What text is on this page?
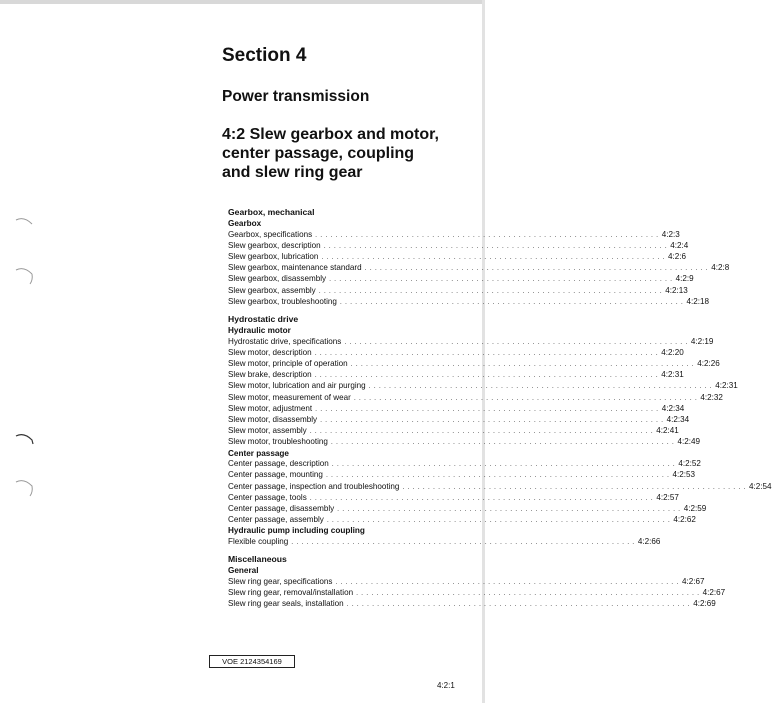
Section 4
Power transmission
4:2 Slew gearbox and motor,
center passage, coupling
and slew ring gear
Gearbox, mechanical
Gearbox
Gearbox, specifications . . . . . . . . . . . . . . . . . . . . . . . . . . . . . . . . . . . . . . . . . . . . . . . . . . . . . . . . . . . . . . . . . . . . 4:2:3
Slew gearbox, description . . . . . . . . . . . . . . . . . . . . . . . . . . . . . . . . . . . . . . . . . . . . . . . . . . . . . . . . . . . . . . . . . . . . 4:2:4
Slew gearbox, lubrication . . . . . . . . . . . . . . . . . . . . . . . . . . . . . . . . . . . . . . . . . . . . . . . . . . . . . . . . . . . . . . . . . . . . 4:2:6
Slew gearbox, maintenance standard . . . . . . . . . . . . . . . . . . . . . . . . . . . . . . . . . . . . . . . . . . . . . . . . . . . . . . . . . . . . . . . . . . . . 4:2:8
Slew gearbox, disassembly . . . . . . . . . . . . . . . . . . . . . . . . . . . . . . . . . . . . . . . . . . . . . . . . . . . . . . . . . . . . . . . . . . . . 4:2:9
Slew gearbox, assembly . . . . . . . . . . . . . . . . . . . . . . . . . . . . . . . . . . . . . . . . . . . . . . . . . . . . . . . . . . . . . . . . . . . . 4:2:13
Slew gearbox, troubleshooting . . . . . . . . . . . . . . . . . . . . . . . . . . . . . . . . . . . . . . . . . . . . . . . . . . . . . . . . . . . . . . . . . . . . 4:2:18
Hydrostatic drive
Hydraulic motor
Hydrostatic drive, specifications . . . . . . . . . . . . . . . . . . . . . . . . . . . . . . . . . . . . . . . . . . . . . . . . . . . . . . . . . . . . . . . . . . . . 4:2:19
Slew motor, description . . . . . . . . . . . . . . . . . . . . . . . . . . . . . . . . . . . . . . . . . . . . . . . . . . . . . . . . . . . . . . . . . . . . 4:2:20
Slew motor, principle of operation . . . . . . . . . . . . . . . . . . . . . . . . . . . . . . . . . . . . . . . . . . . . . . . . . . . . . . . . . . . . . . . . . . . . 4:2:26
Slew brake, description . . . . . . . . . . . . . . . . . . . . . . . . . . . . . . . . . . . . . . . . . . . . . . . . . . . . . . . . . . . . . . . . . . . . 4:2:31
Slew motor, lubrication and air purging . . . . . . . . . . . . . . . . . . . . . . . . . . . . . . . . . . . . . . . . . . . . . . . . . . . . . . . . . . . . . . . . . . . . 4:2:31
Slew motor, measurement of wear . . . . . . . . . . . . . . . . . . . . . . . . . . . . . . . . . . . . . . . . . . . . . . . . . . . . . . . . . . . . . . . . . . . . 4:2:32
Slew motor, adjustment . . . . . . . . . . . . . . . . . . . . . . . . . . . . . . . . . . . . . . . . . . . . . . . . . . . . . . . . . . . . . . . . . . . . 4:2:34
Slew motor, disassembly . . . . . . . . . . . . . . . . . . . . . . . . . . . . . . . . . . . . . . . . . . . . . . . . . . . . . . . . . . . . . . . . . . . . 4:2:34
Slew motor, assembly . . . . . . . . . . . . . . . . . . . . . . . . . . . . . . . . . . . . . . . . . . . . . . . . . . . . . . . . . . . . . . . . . . . . 4:2:41
Slew motor, troubleshooting . . . . . . . . . . . . . . . . . . . . . . . . . . . . . . . . . . . . . . . . . . . . . . . . . . . . . . . . . . . . . . . . . . . . 4:2:49
Center passage
Center passage, description . . . . . . . . . . . . . . . . . . . . . . . . . . . . . . . . . . . . . . . . . . . . . . . . . . . . . . . . . . . . . . . . . . . . 4:2:52
Center passage, mounting . . . . . . . . . . . . . . . . . . . . . . . . . . . . . . . . . . . . . . . . . . . . . . . . . . . . . . . . . . . . . . . . . . . . 4:2:53
Center passage, inspection and troubleshooting . . . . . . . . . . . . . . . . . . . . . . . . . . . . . . . . . . . . . . . . . . . . . . . . . . . . . . . . . . . . . . . . . . . . 4:2:54
Center passage, tools . . . . . . . . . . . . . . . . . . . . . . . . . . . . . . . . . . . . . . . . . . . . . . . . . . . . . . . . . . . . . . . . . . . . 4:2:57
Center passage, disassembly . . . . . . . . . . . . . . . . . . . . . . . . . . . . . . . . . . . . . . . . . . . . . . . . . . . . . . . . . . . . . . . . . . . . 4:2:59
Center passage, assembly . . . . . . . . . . . . . . . . . . . . . . . . . . . . . . . . . . . . . . . . . . . . . . . . . . . . . . . . . . . . . . . . . . . . 4:2:62
Hydraulic pump including coupling
Flexible coupling . . . . . . . . . . . . . . . . . . . . . . . . . . . . . . . . . . . . . . . . . . . . . . . . . . . . . . . . . . . . . . . . . . . . 4:2:66
Miscellaneous
General
Slew ring gear, specifications . . . . . . . . . . . . . . . . . . . . . . . . . . . . . . . . . . . . . . . . . . . . . . . . . . . . . . . . . . . . . . . . . . . . 4:2:67
Slew ring gear, removal/installation . . . . . . . . . . . . . . . . . . . . . . . . . . . . . . . . . . . . . . . . . . . . . . . . . . . . . . . . . . . . . . . . . . . . 4:2:67
Slew ring gear seals, installation . . . . . . . . . . . . . . . . . . . . . . . . . . . . . . . . . . . . . . . . . . . . . . . . . . . . . . . . . . . . . . . . . . . . 4:2:69
VOE 2124354169
4:2:1
